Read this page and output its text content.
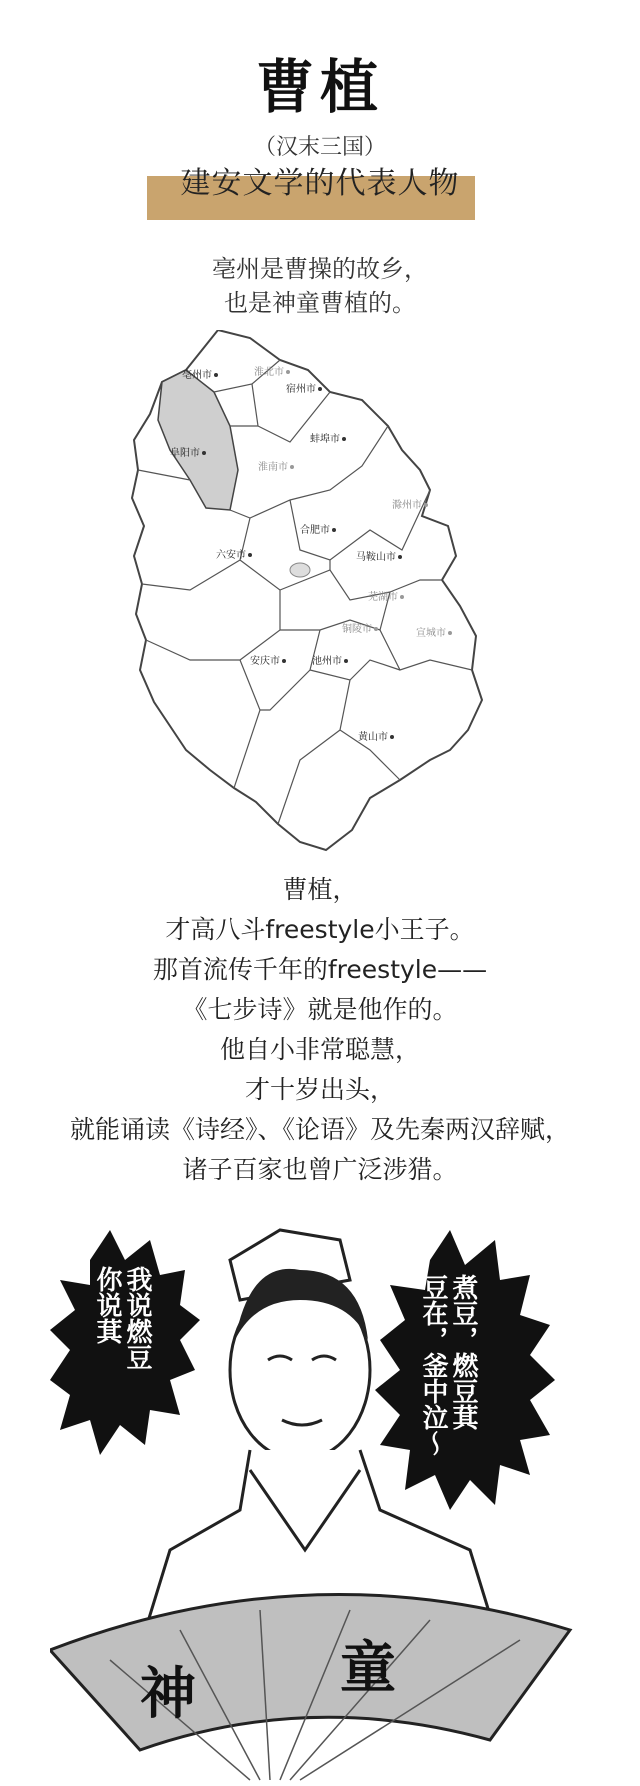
曹植
（汉末三国）
建安文学的代表人物
亳州是曹操的故乡，
也是神童曹植的。
亳州市	淮北市
宿州市
阜阳市
蚌埠市
淮南市
滁州市
合肥市
六安市	马鞍山市
芜湖市
铜陵市	宣城市
安庆市	池州市
黄山市
曹植，
才高八斗freestyle小王子。
那首流传千年的freestyle——
《七步诗》就是他作的。
他自小非常聪慧，
才十岁出头，
就能诵读《诗经》、《论语》及先秦两汉辞赋，
诸子百家也曾广泛涉猎。
我说燃豆
你说萁	煮豆，燃豆萁
豆在，釜中泣～
神	童
